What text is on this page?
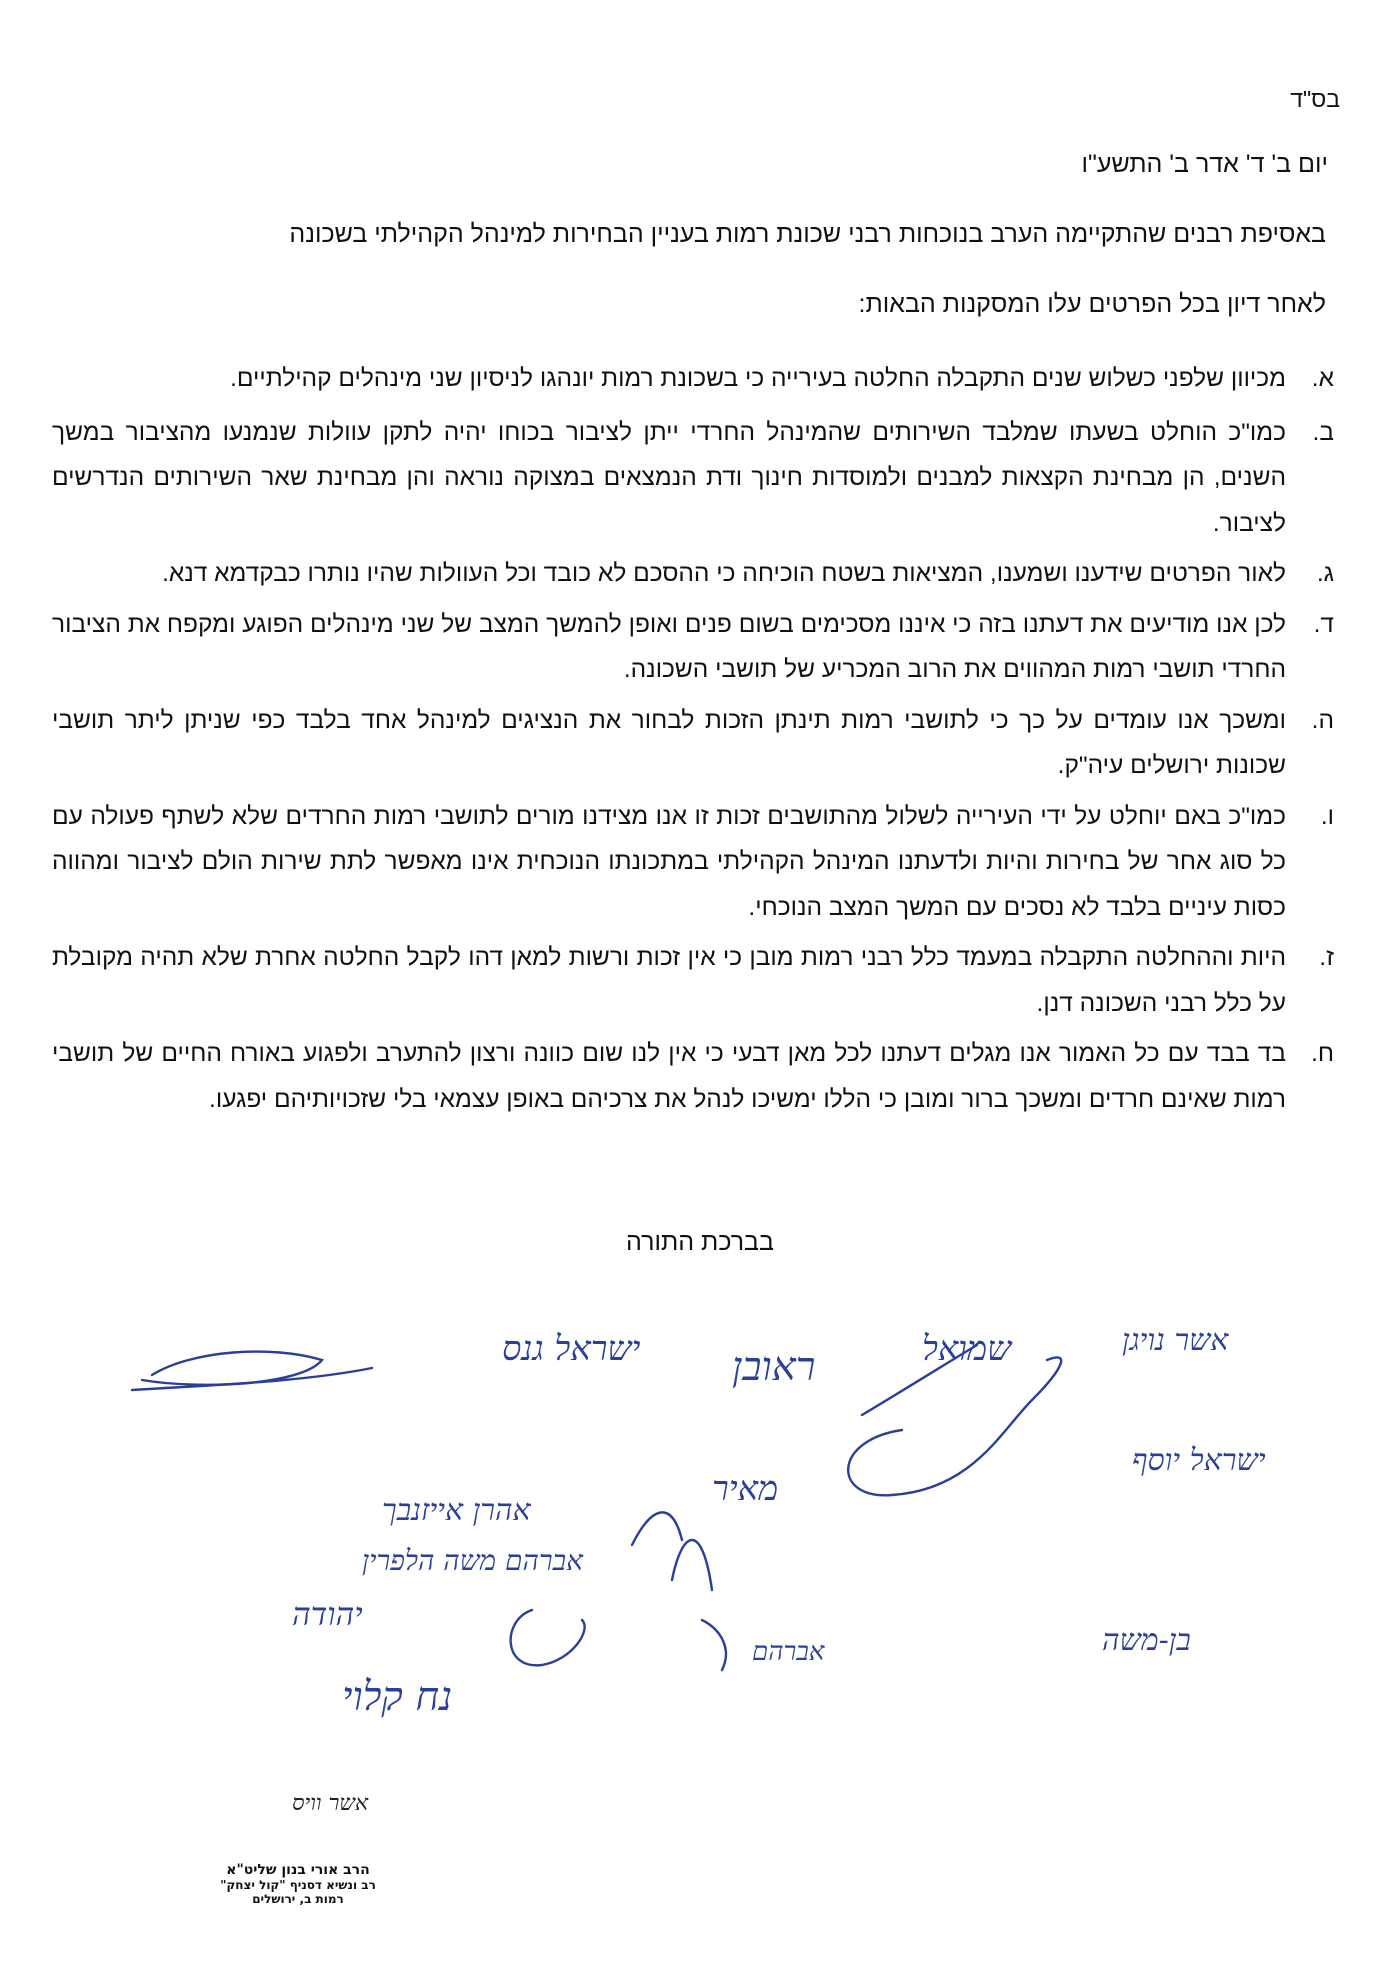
בס"ד
יום ב' ד' אדר ב' התשע"ו
באסיפת רבנים שהתקיימה הערב בנוכחות רבני שכונת רמות בעניין הבחירות למינהל הקהילתי בשכונה
לאחר דיון בכל הפרטים עלו המסקנות הבאות:
א.
מכיוון שלפני כשלוש שנים התקבלה החלטה בעירייה כי בשכונת רמות יונהגו לניסיון שני מינהלים קהילתיים.
ב.
כמו"כ הוחלט בשעתו שמלבד השירותים שהמינהל החרדי ייתן לציבור בכוחו יהיה לתקן עוולות שנמנעו מהציבור במשך השנים, הן מבחינת הקצאות למבנים ולמוסדות חינוך ודת הנמצאים במצוקה נוראה והן מבחינת שאר השירותים הנדרשים לציבור.
ג.
לאור הפרטים שידענו ושמענו, המציאות בשטח הוכיחה כי ההסכם לא כובד וכל העוולות שהיו נותרו כבקדמא דנא.
ד.
לכן אנו מודיעים את דעתנו בזה כי איננו מסכימים בשום פנים ואופן להמשך המצב של שני מינהלים הפוגע ומקפח את הציבור החרדי תושבי רמות המהווים את הרוב המכריע של תושבי השכונה.
ה.
ומשכך אנו עומדים על כך כי לתושבי רמות תינתן הזכות לבחור את הנציגים למינהל אחד בלבד כפי שניתן ליתר תושבי שכונות ירושלים עיה"ק.
ו.
כמו"כ באם יוחלט על ידי העירייה לשלול מהתושבים זכות זו אנו מצידנו מורים לתושבי רמות החרדים שלא לשתף פעולה עם כל סוג אחר של בחירות והיות ולדעתנו המינהל הקהילתי במתכונתו הנוכחית אינו מאפשר לתת שירות הולם לציבור ומהווה כסות עיניים בלבד לא נסכים עם המשך המצב הנוכחי.
ז.
היות וההחלטה התקבלה במעמד כלל רבני רמות מובן כי אין זכות ורשות למאן דהו לקבל החלטה אחרת שלא תהיה מקובלת על כלל רבני השכונה דנן.
ח.
בד בבד עם כל האמור אנו מגלים דעתנו לכל מאן דבעי כי אין לנו שום כוונה ורצון להתערב ולפגוע באורח החיים של תושבי רמות שאינם חרדים ומשכך ברור ומובן כי הללו ימשיכו לנהל את צרכיהם באופן עצמאי בלי שזכויותיהם יפגעו.
בברכת התורה
ישראל גנס ראובן	שמואל	אשר נויגן
ישראל יוסף
אהרן אייזנבך
אברהם משה הלפרין
יהודה
מאיר
נח קלוי
אברהם	בן-משה
אשר וויס
הרב אורי בנון שליט"א
רב ונשיא דסניף "קול יצחק"
רמות ב, ירושלים
